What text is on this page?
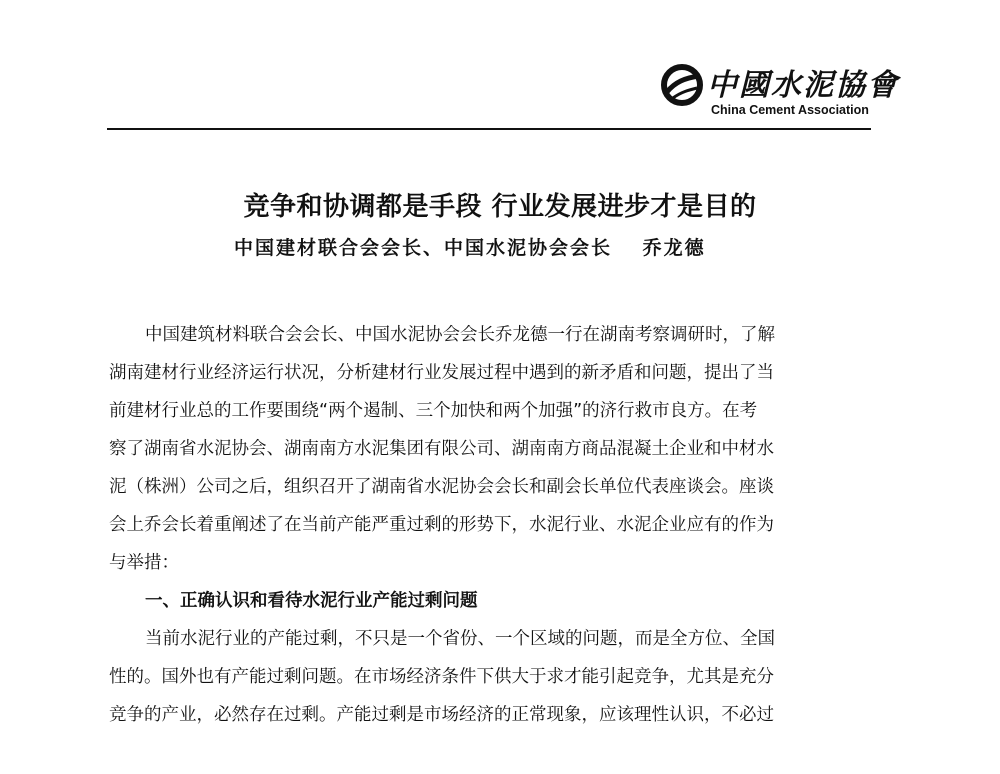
中國水泥協會
China Cement Association
竞争和协调都是手段 行业发展进步才是目的
中国建材联合会会长、中国水泥协会会长 乔龙德
中国建筑材料联合会会长、中国水泥协会会长乔龙德一行在湖南考察调研时，了解
湖南建材行业经济运行状况，分析建材行业发展过程中遇到的新矛盾和问题，提出了当
前建材行业总的工作要围绕“两个遏制、三个加快和两个加强”的济行救市良方。在考
察了湖南省水泥协会、湖南南方水泥集团有限公司、湖南南方商品混凝土企业和中材水
泥（株洲）公司之后，组织召开了湖南省水泥协会会长和副会长单位代表座谈会。座谈
会上乔会长着重阐述了在当前产能严重过剩的形势下，水泥行业、水泥企业应有的作为
与举措：
一、正确认识和看待水泥行业产能过剩问题
当前水泥行业的产能过剩，不只是一个省份、一个区域的问题，而是全方位、全国
性的。国外也有产能过剩问题。在市场经济条件下供大于求才能引起竞争，尤其是充分
竞争的产业，必然存在过剩。产能过剩是市场经济的正常现象，应该理性认识，不必过
